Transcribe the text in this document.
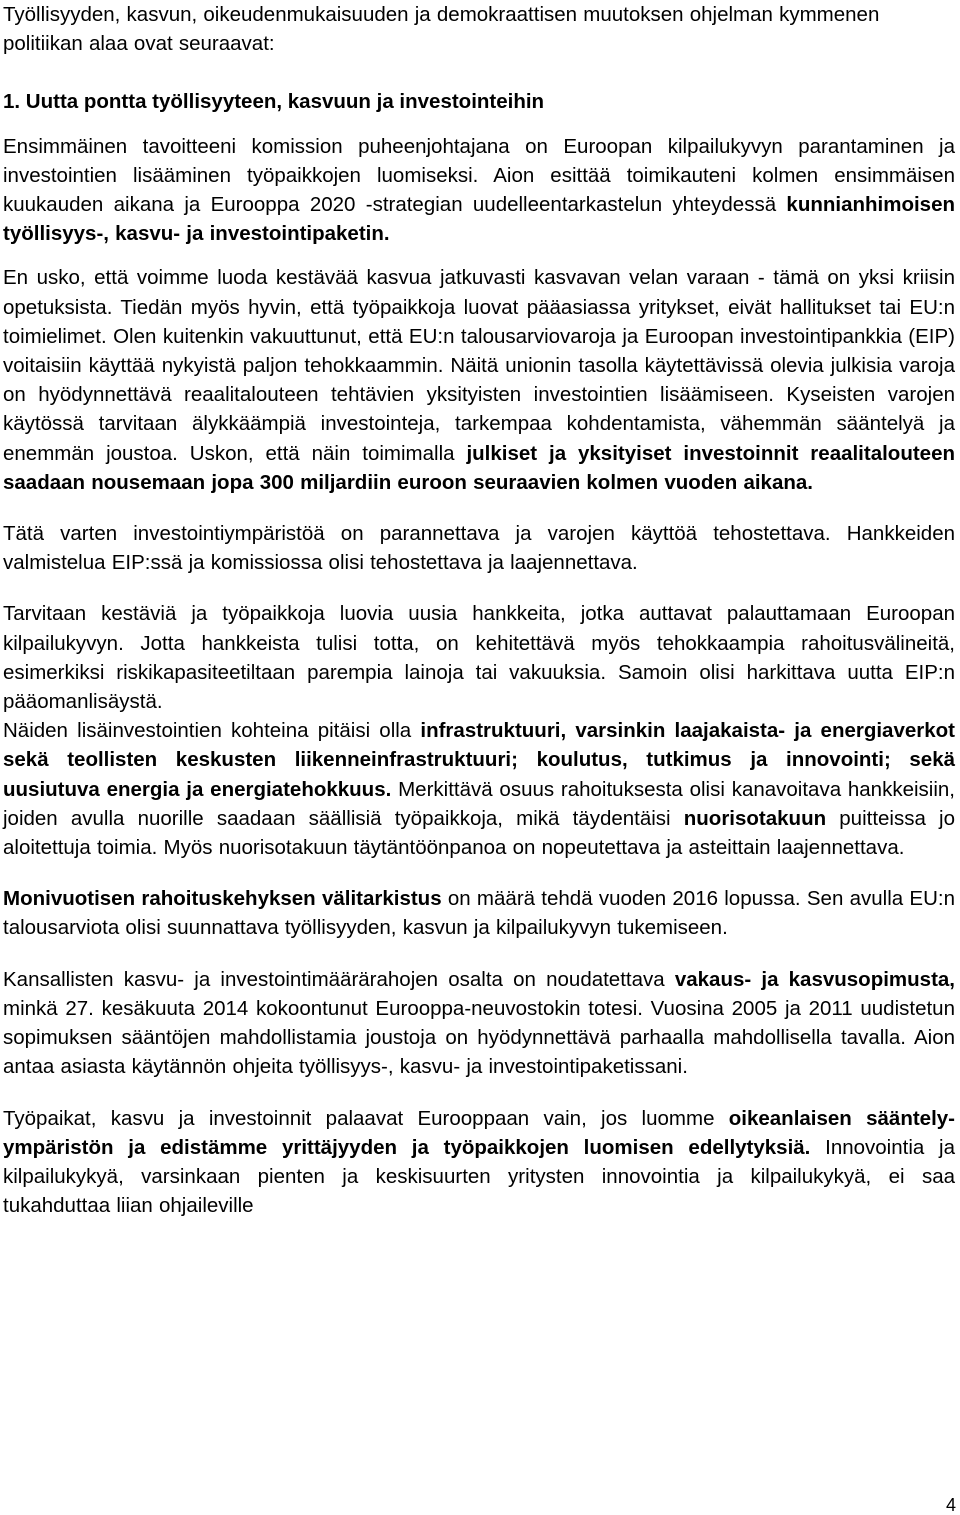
Työllisyyden, kasvun, oikeudenmukaisuuden ja demokraattisen muutoksen ohjelman kymmenen politiikan alaa ovat seuraavat:

1. Uutta pontta työllisyyteen, kasvuun ja investointeihin

Ensimmäinen tavoitteeni komission puheenjohtajana on Euroopan kilpailukyvyn parantaminen ja investointien lisääminen työpaikkojen luomiseksi. Aion esittää toimikauteni kolmen ensimmäisen kuukauden aikana ja Eurooppa 2020 -strategian uudelleentarkastelun yhteydessä kunnianhimoisen työllisyys-, kasvu- ja investointipaketin.

En usko, että voimme luoda kestävää kasvua jatkuvasti kasvavan velan varaan - tämä on yksi kriisin opetuksista. Tiedän myös hyvin, että työpaikkoja luovat pääasiassa yritykset, eivät hallitukset tai EU:n toimielimet. Olen kuitenkin vakuuttunut, että EU:n talousarviovaroja ja Euroopan investointipankkia (EIP) voitaisiin käyttää nykyistä paljon tehokkaammin. Näitä unionin tasolla käytettävissä olevia julkisia varoja on hyödynnettävä reaalitalouteen tehtävien yksityisten investointien lisäämiseen. Kyseisten varojen käytössä tarvitaan älykkäämpiä investointeja, tarkempaa kohdentamista, vähemmän sääntelyä ja enemmän joustoa. Uskon, että näin toimimalla julkiset ja yksityiset investoinnit reaalitalouteen saadaan nousemaan jopa 300 miljardiin euroon seuraavien kolmen vuoden aikana.

Tätä varten investointiympäristöä on parannettava ja varojen käyttöä tehostettava. Hankkeiden valmistelua EIP:ssä ja komissiossa olisi tehostettava ja laajennettava.

Tarvitaan kestäviä ja työpaikkoja luovia uusia hankkeita, jotka auttavat palauttamaan Euroopan kilpailukyvyn. Jotta hankkeista tulisi totta, on kehitettävä myös tehokkaampia rahoitusvälineitä, esimerkiksi riskikapasiteetiltaan parempia lainoja tai vakuuksia. Samoin olisi harkittava uutta EIP:n pääomanlisäystä.

Näiden lisäinvestointien kohteina pitäisi olla infrastruktuuri, varsinkin laajakaista- ja energiaverkot sekä teollisten keskusten liikenneinfrastruktuuri; koulutus, tutkimus ja innovointi; sekä uusiutuva energia ja energiatehokkuus. Merkittävä osuus rahoituksesta olisi kanavoitava hankkeisiin, joiden avulla nuorille saadaan säällisiä työpaikkoja, mikä täydentäisi nuorisotakuun puitteissa jo aloitettuja toimia. Myös nuorisotakuun täytäntöönpanoa on nopeutettava ja asteittain laajennettava.

Monivuotisen rahoituskehyksen välitarkistus on määrä tehdä vuoden 2016 lopussa. Sen avulla EU:n talousarviota olisi suunnattava työllisyyden, kasvun ja kilpailukyvyn tukemiseen.

Kansallisten kasvu- ja investointimäärärahojen osalta on noudatettava vakaus- ja kasvusopimusta, minkä 27. kesäkuuta 2014 kokoontunut Eurooppa-neuvostokin totesi. Vuosina 2005 ja 2011 uudistetun sopimuksen sääntöjen mahdollistamia joustoja on hyödynnettävä parhaalla mahdollisella tavalla. Aion antaa asiasta käytännön ohjeita työllisyys-, kasvu- ja investointipaketissani.

Työpaikat, kasvu ja investoinnit palaavat Eurooppaan vain, jos luomme oikeanlaisen sääntely-ympäristön ja edistämme yrittäjyyden ja työpaikkojen luomisen edellytyksiä. Innovointia ja kilpailukykyä, varsinkaan pienten ja keskisuurten yritysten innovointia ja kilpailukykyä, ei saa tukahduttaa liian ohjaileville

4
